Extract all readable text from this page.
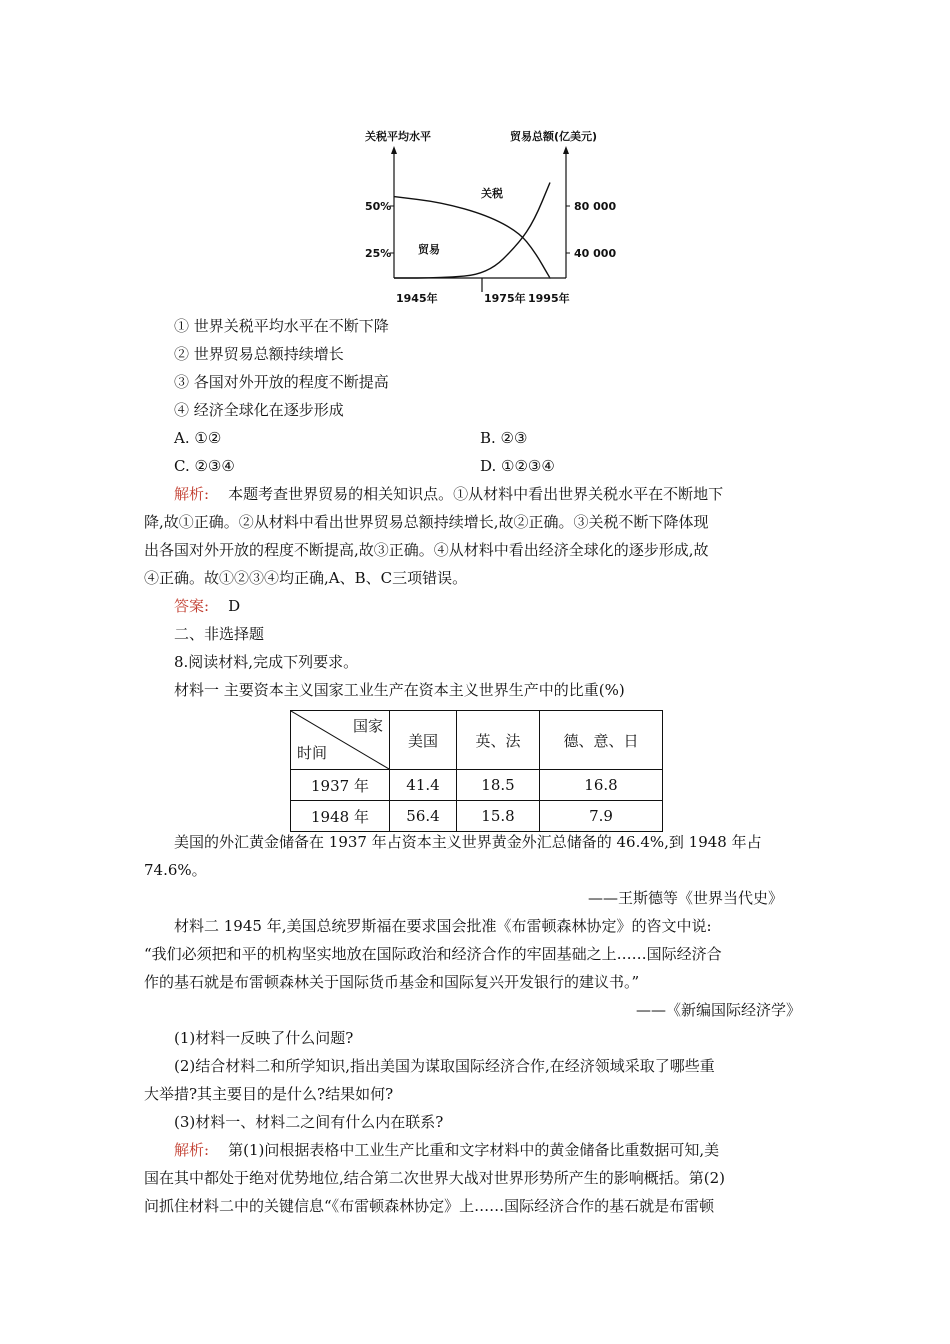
关税平均水平	贸易总额(亿美元)
50%
25%
80 000
40 000
1945年	1975年 1995年
关税
贸易
① 世界关税平均水平在不断下降
② 世界贸易总额持续增长
③ 各国对外开放的程度不断提高
④ 经济全球化在逐步形成
A. ①②	B. ②③
C. ②③④	D. ①②③④
解析: 本题考查世界贸易的相关知识点。①从材料中看出世界关税水平在不断地下
降,故①正确。②从材料中看出世界贸易总额持续增长,故②正确。③关税不断下降体现
出各国对外开放的程度不断提高,故③正确。④从材料中看出经济全球化的逐步形成,故
④正确。故①②③④均正确,A、B、C三项错误。
答案: D
二、非选择题
8.阅读材料,完成下列要求。
材料一 主要资本主义国家工业生产在资本主义世界生产中的比重(%)
国家
时间	美国	英、法	德、意、日
1937 年	41.4	18.5	16.8
1948 年	56.4	15.8	7.9
美国的外汇黄金储备在 1937 年占资本主义世界黄金外汇总储备的 46.4%,到 1948 年占
74.6%。
——王斯德等《世界当代史》
材料二 1945 年,美国总统罗斯福在要求国会批准《布雷顿森林协定》的咨文中说:
“我们必须把和平的机构坚实地放在国际政治和经济合作的牢固基础之上……国际经济合
作的基石就是布雷顿森林关于国际货币基金和国际复兴开发银行的建议书。”
——《新编国际经济学》
(1)材料一反映了什么问题?
(2)结合材料二和所学知识,指出美国为谋取国际经济合作,在经济领域采取了哪些重
大举措?其主要目的是什么?结果如何?
(3)材料一、材料二之间有什么内在联系?
解析: 第(1)问根据表格中工业生产比重和文字材料中的黄金储备比重数据可知,美
国在其中都处于绝对优势地位,结合第二次世界大战对世界形势所产生的影响概括。第(2)
问抓住材料二中的关键信息“《布雷顿森林协定》上……国际经济合作的基石就是布雷顿
